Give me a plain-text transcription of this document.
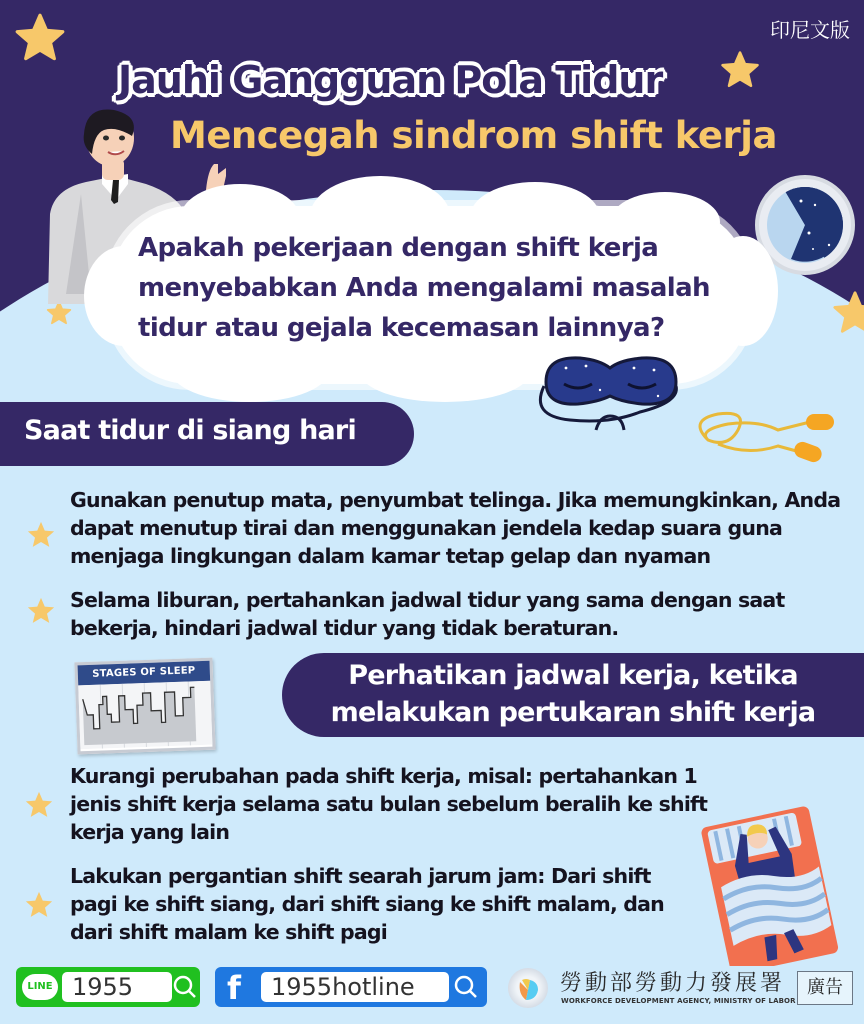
印尼文版
Jauhi Gangguan Pola Tidur
Mencegah sindrom shift kerja
Apakah pekerjaan dengan shift kerja menyebabkan Anda mengalami masalah tidur atau gejala kecemasan lainnya?
Saat tidur di siang hari
Gunakan penutup mata, penyumbat telinga. Jika memungkinkan, Anda dapat menutup tirai dan menggunakan jendela kedap suara guna menjaga lingkungan dalam kamar tetap gelap dan nyaman
Selama liburan, pertahankan jadwal tidur yang sama dengan saat bekerja, hindari jadwal tidur yang tidak beraturan.
STAGES OF SLEEP	Perhatikan jadwal kerja, ketika melakukan pertukaran shift kerja
Kurangi perubahan pada shift kerja, misal: pertahankan 1 jenis shift kerja selama satu bulan sebelum beralih ke shift kerja yang lain
Lakukan pergantian shift searah jarum jam: Dari shift pagi ke shift siang, dari shift siang ke shift malam, dan dari shift malam ke shift pagi
LINE 1955	f	1955hotline	勞動部勞動力發展署
WORKFORCE DEVELOPMENT AGENCY, MINISTRY OF LABOR
廣告
